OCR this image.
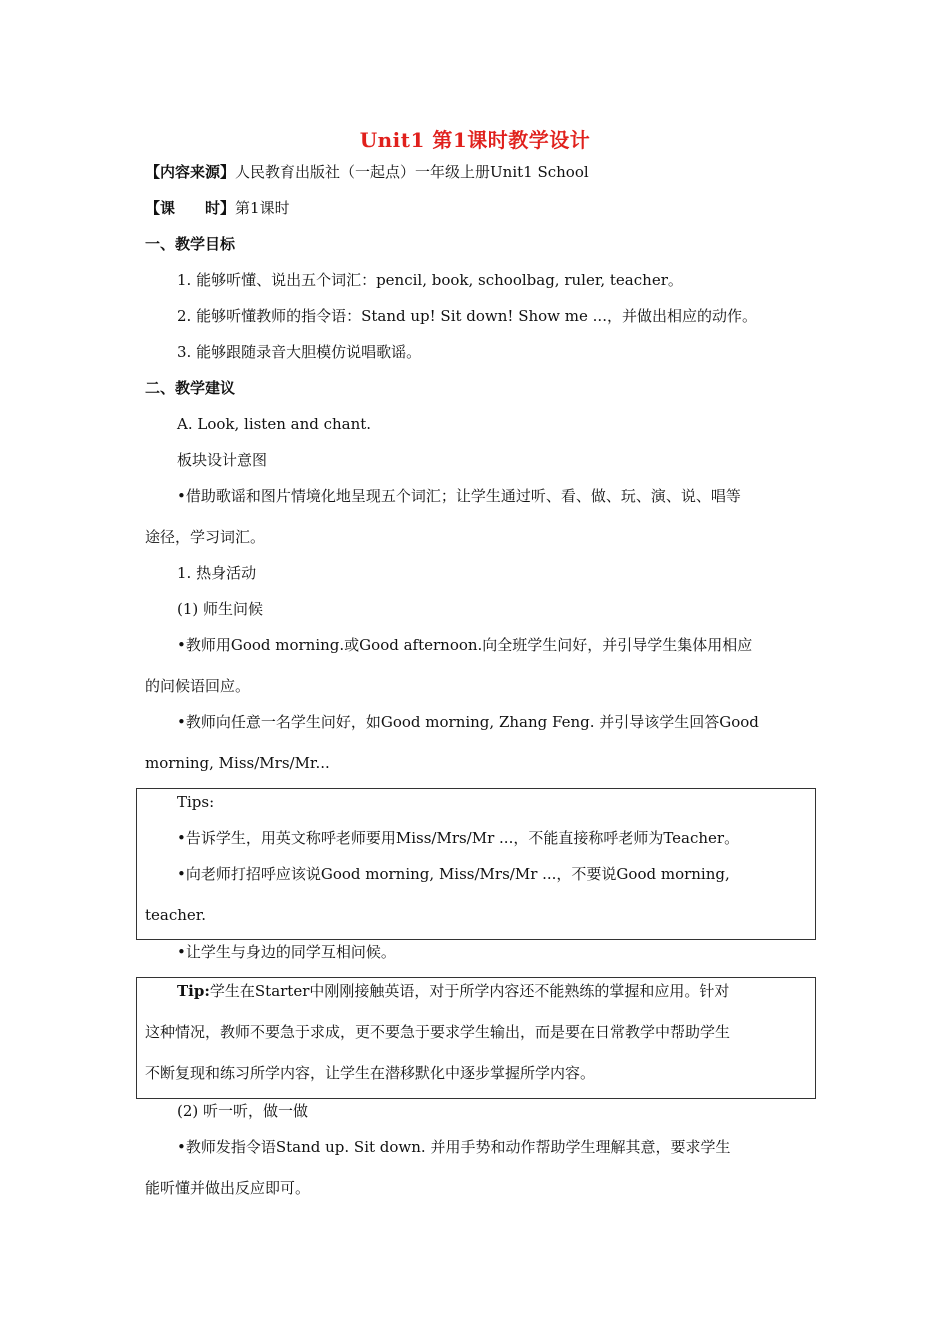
Unit1 第1课时教学设计
【内容来源】人民教育出版社（一起点）一年级上册Unit1 School
【课 时】第1课时
一、教学目标
1. 能够听懂、说出五个词汇：pencil, book, schoolbag, ruler, teacher。
2. 能够听懂教师的指令语：Stand up! Sit down! Show me ...，并做出相应的动作。
3. 能够跟随录音大胆模仿说唱歌谣。
二、教学建议
A. Look, listen and chant.
板块设计意图
•借助歌谣和图片情境化地呈现五个词汇；让学生通过听、看、做、玩、演、说、唱等
途径，学习词汇。
1. 热身活动
(1) 师生问候
•教师用Good morning.或Good afternoon.向全班学生问好，并引导学生集体用相应
的问候语回应。
•教师向任意一名学生问好，如Good morning, Zhang Feng. 并引导该学生回答Good
morning, Miss/Mrs/Mr...
Tips:
•告诉学生，用英文称呼老师要用Miss/Mrs/Mr ...，不能直接称呼老师为Teacher。
•向老师打招呼应该说Good morning, Miss/Mrs/Mr ...，不要说Good morning,
teacher.
•让学生与身边的同学互相问候。
Tip:学生在Starter中刚刚接触英语，对于所学内容还不能熟练的掌握和应用。针对
这种情况，教师不要急于求成，更不要急于要求学生输出，而是要在日常教学中帮助学生
不断复现和练习所学内容，让学生在潜移默化中逐步掌握所学内容。
(2) 听一听，做一做
•教师发指令语Stand up. Sit down. 并用手势和动作帮助学生理解其意，要求学生
能听懂并做出反应即可。
